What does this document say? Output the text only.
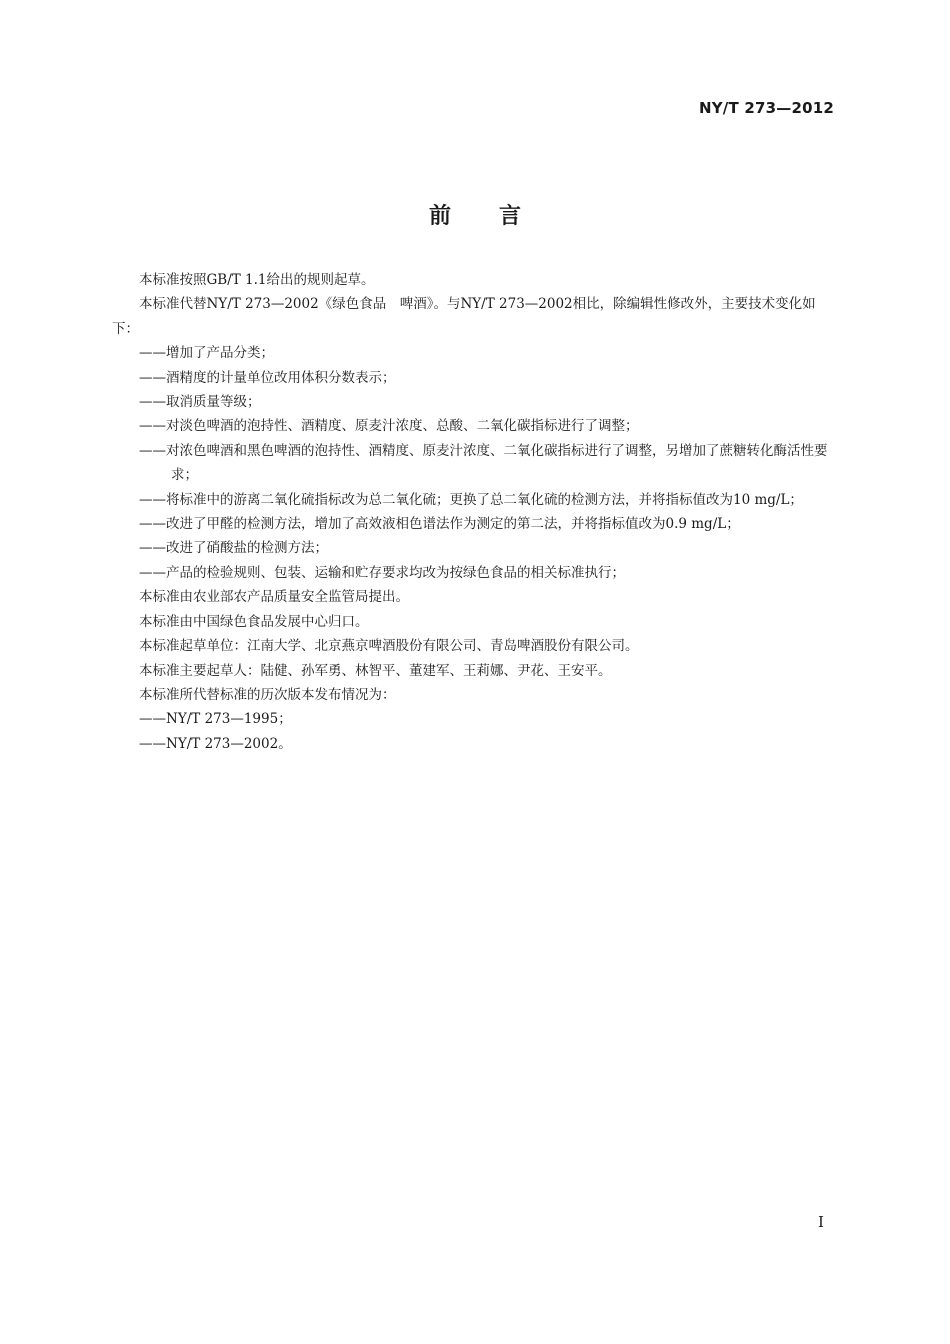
NY/T 273—2012
前言

本标准按照GB/T 1.1给出的规则起草。

本标准代替NY/T 273—2002《绿色食品　啤酒》。与NY/T 273—2002相比，除编辑性修改外，主要技术变化如下：

——增加了产品分类；

——酒精度的计量单位改用体积分数表示；

——取消质量等级；

——对淡色啤酒的泡持性、酒精度、原麦汁浓度、总酸、二氧化碳指标进行了调整；

——对浓色啤酒和黑色啤酒的泡持性、酒精度、原麦汁浓度、二氧化碳指标进行了调整，另增加了蔗糖转化酶活性要求；

——将标准中的游离二氧化硫指标改为总二氧化硫；更换了总二氧化硫的检测方法，并将指标值改为10 mg/L；

——改进了甲醛的检测方法，增加了高效液相色谱法作为测定的第二法，并将指标值改为0.9 mg/L；

——改进了硝酸盐的检测方法；

——产品的检验规则、包装、运输和贮存要求均改为按绿色食品的相关标准执行；

本标准由农业部农产品质量安全监管局提出。

本标准由中国绿色食品发展中心归口。

本标准起草单位：江南大学、北京燕京啤酒股份有限公司、青岛啤酒股份有限公司。

本标准主要起草人：陆健、孙军勇、林智平、董建军、王莉娜、尹花、王安平。

本标准所代替标准的历次版本发布情况为：

——NY/T 273—1995；

——NY/T 273—2002。

I
